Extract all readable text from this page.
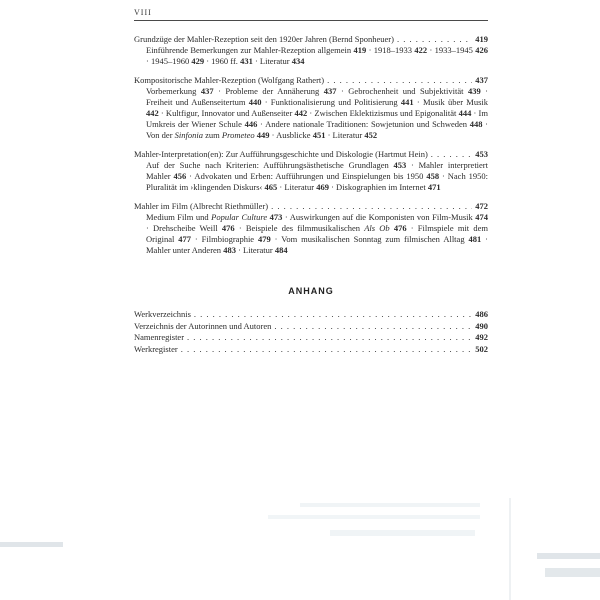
VIII
Grundzüge der Mahler-Rezeption seit den 1920er Jahren (Bernd Sponheuer) . . .	419

Einführende Bemerkungen zur Mahler-Rezeption allgemein 419 · 1918–1933 422 · 1933–1945 426 · 1945–1960 429 · 1960 ff. 431 · Literatur 434

Kompositorische Mahler-Rezeption (Wolfgang Rathert) . . .	437

Vorbemerkung 437 · Probleme der Annäherung 437 · Gebrochenheit und Subjektivität 439 · Freiheit und Außenseitertum 440 · Funktionalisierung und Politisierung 441 · Musik über Musik 442 · Kultfigur, Innovator und Außenseiter 442 · Zwischen Eklektizismus und Epigonalität 444 · Im Umkreis der Wiener Schule 446 · Andere nationale Traditionen: Sowjetunion und Schweden 448 · Von der Sinfonia zum Prometeo 449 · Ausblicke 451 · Literatur 452

Mahler-Interpretation(en): Zur Aufführungsgeschichte und Diskologie (Hartmut Hein) . . .	453

Auf der Suche nach Kriterien: Aufführungsästhetische Grundlagen 453 · Mahler interpretiert Mahler 456 · Advokaten und Erben: Aufführungen und Einspielungen bis 1950 458 · Nach 1950: Pluralität im ›klingenden Diskurs‹ 465 · Literatur 469 · Diskographien im Internet 471

Mahler im Film (Albrecht Riethmüller) . . .	472

Medium Film und Popular Culture 473 · Auswirkungen auf die Komponisten von Film-Musik 474 · Drehscheibe Weill 476 · Beispiele des filmmusikalischen Als Ob 476 · Filmspiele mit dem Original 477 · Filmbiographie 479 · Vom musikalischen Sonntag zum filmischen Alltag 481 · Mahler unter Anderen 483 · Literatur 484

ANHANG
Werkverzeichnis . . .	486
Verzeichnis der Autorinnen und Autoren . . .	490
Namenregister . . .	492
Werkregister . . .	502
